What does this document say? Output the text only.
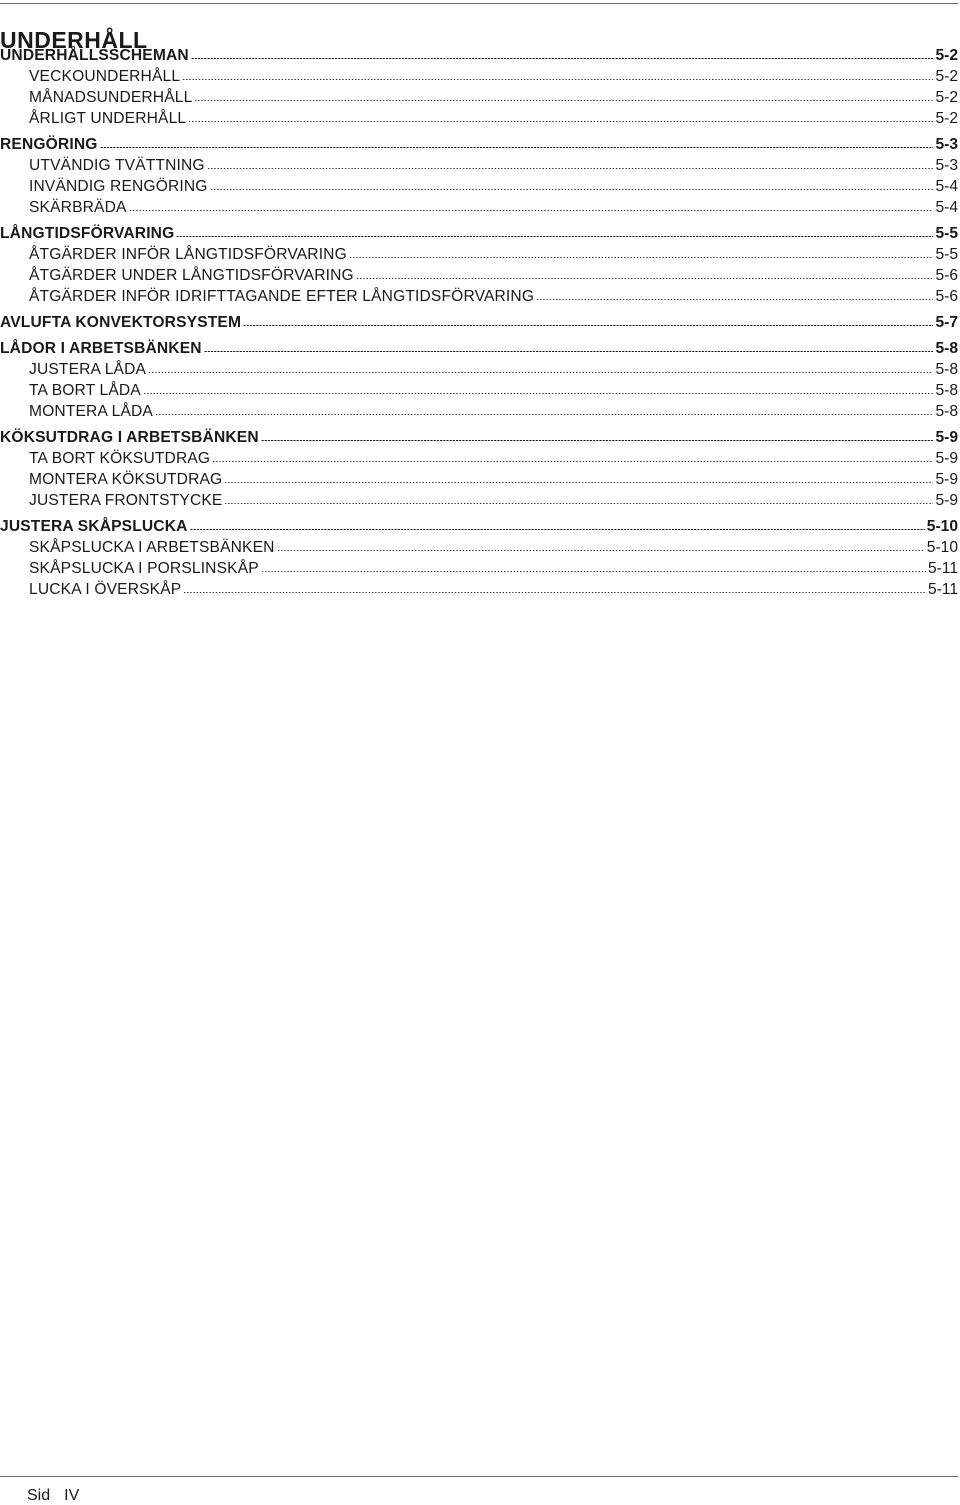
UNDERHÅLL
UNDERHÅLLSSCHEMAN	5-2
VECKOUNDERHÅLL	5-2
MÅNADSUNDERHÅLL	5-2
ÅRLIGT UNDERHÅLL	5-2
RENGÖRING	5-3
UTVÄNDIG TVÄTTNING	5-3
INVÄNDIG RENGÖRING	5-4
SKÄRBRÄDA	5-4
LÅNGTIDSFÖRVARING	5-5
ÅTGÄRDER INFÖR LÅNGTIDSFÖRVARING	5-5
ÅTGÄRDER UNDER LÅNGTIDSFÖRVARING	5-6
ÅTGÄRDER INFÖR IDRIFTTAGANDE EFTER LÅNGTIDSFÖRVARING	5-6
AVLUFTA KONVEKTORSYSTEM	5-7
LÅDOR I ARBETSBÄNKEN	5-8
JUSTERA LÅDA	5-8
TA BORT LÅDA	5-8
MONTERA LÅDA	5-8
KÖKSUTDRAG I ARBETSBÄNKEN	5-9
TA BORT KÖKSUTDRAG	5-9
MONTERA KÖKSUTDRAG	5-9
JUSTERA FRONTSTYCKE	5-9
JUSTERA SKÅPSLUCKA	5-10
SKÅPSLUCKA I ARBETSBÄNKEN	5-10
SKÅPSLUCKA I PORSLINSKÅP	5-11
LUCKA I ÖVERSKÅP	5-11
Sid IV
